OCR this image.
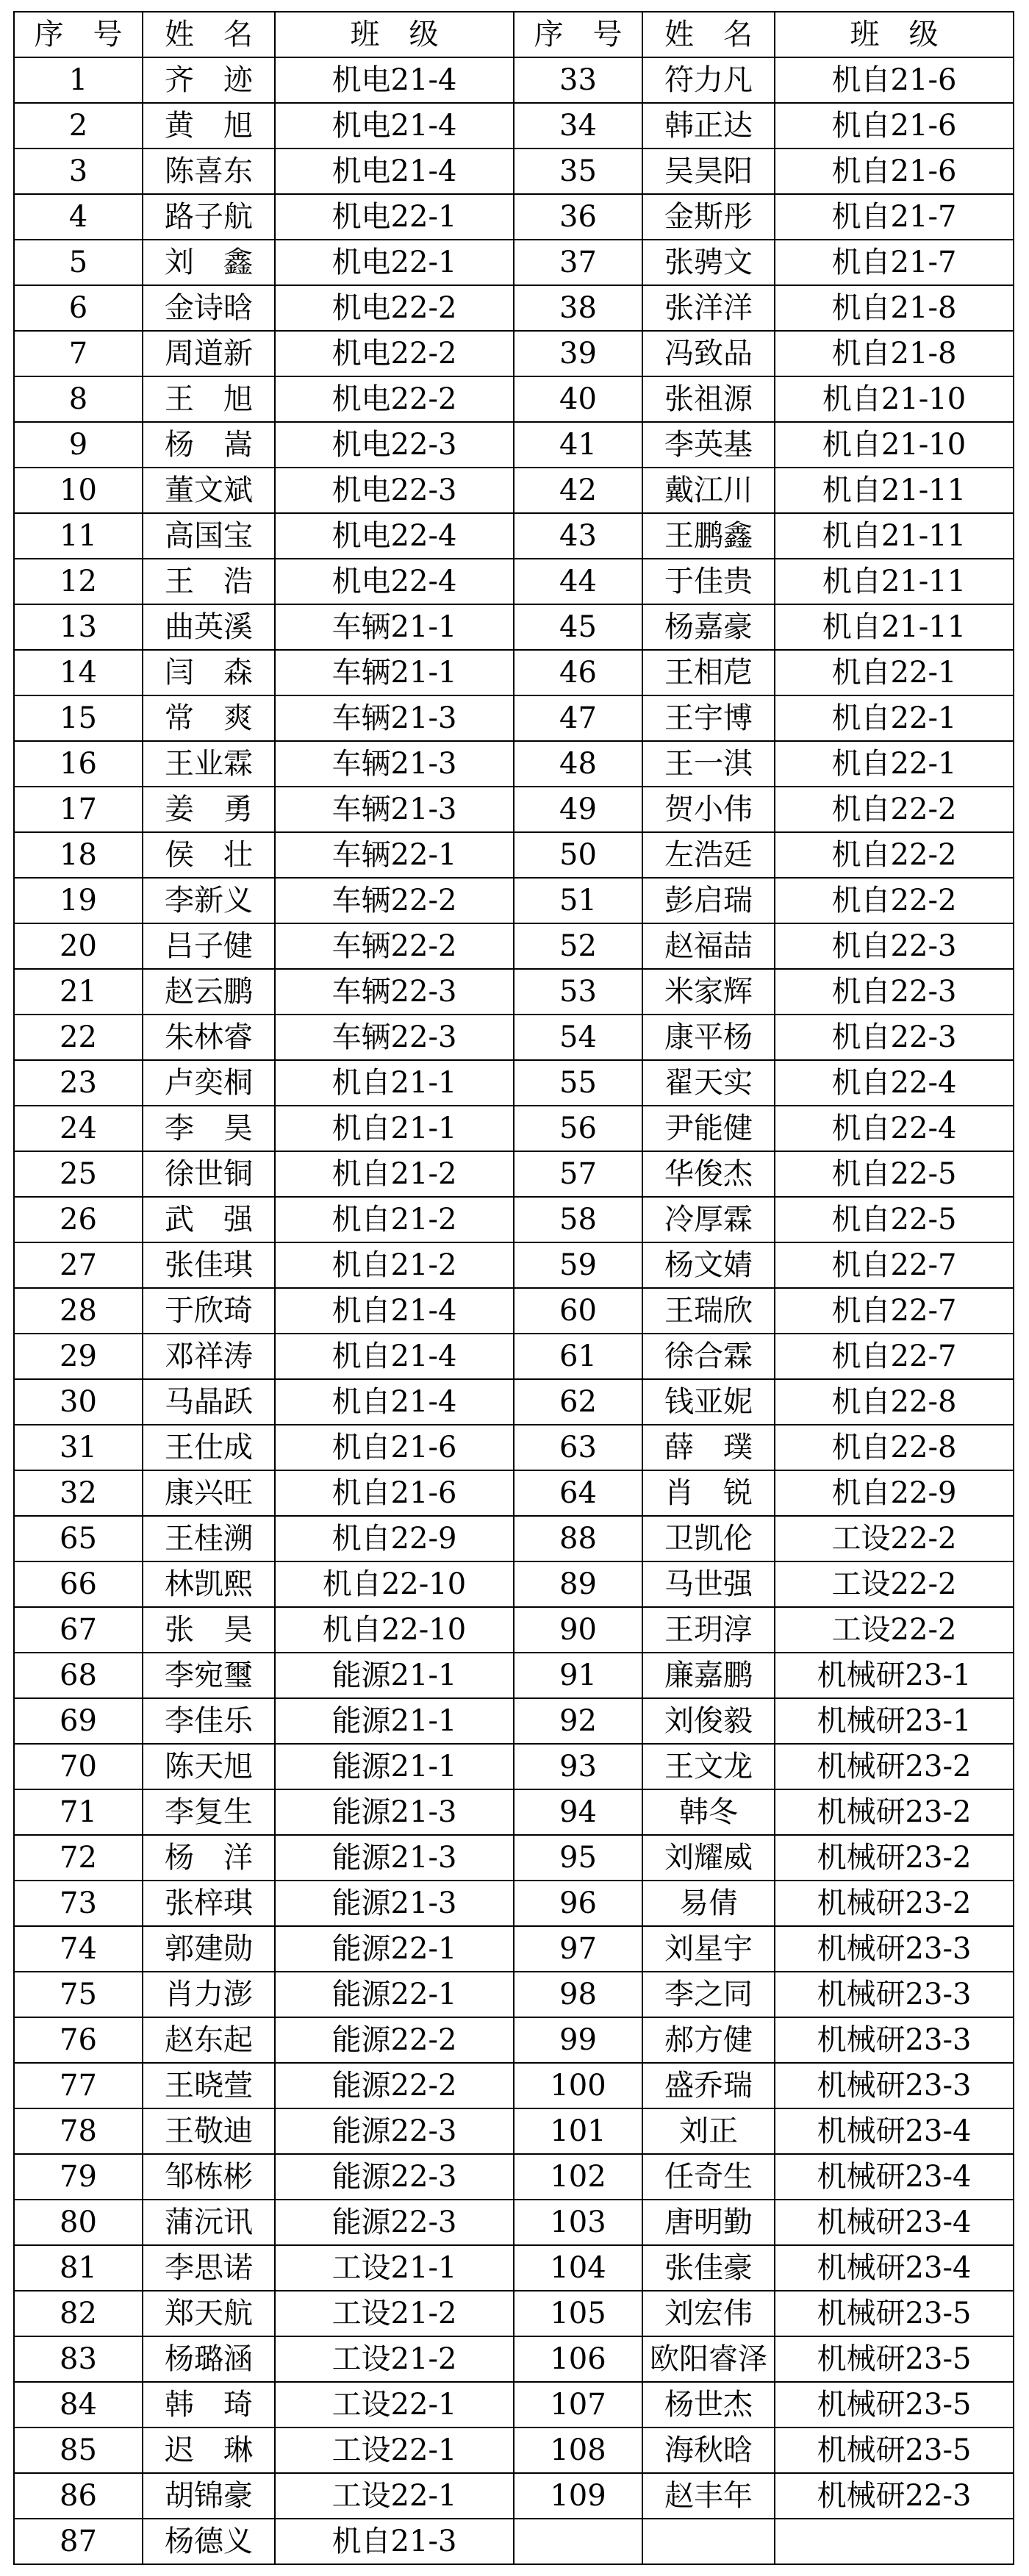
序　号	姓　名	班　级	序　号	姓　名	班　级
1	齐　迹	机电21-4	33	符力凡	机自21-6
2	黄　旭	机电21-4	34	韩正达	机自21-6
3	陈喜东	机电21-4	35	吴昊阳	机自21-6
4	路子航	机电22-1	36	金斯彤	机自21-7
5	刘　鑫	机电22-1	37	张骋文	机自21-7
6	金诗晗	机电22-2	38	张洋洋	机自21-8
7	周道新	机电22-2	39	冯致品	机自21-8
8	王　旭	机电22-2	40	张祖源	机自21-10
9	杨　嵩	机电22-3	41	李英基	机自21-10
10	董文斌	机电22-3	42	戴江川	机自21-11
11	高国宝	机电22-4	43	王鹏鑫	机自21-11
12	王　浩	机电22-4	44	于佳贵	机自21-11
13	曲英溪	车辆21-1	45	杨嘉豪	机自21-11
14	闫　森	车辆21-1	46	王相苨	机自22-1
15	常　爽	车辆21-3	47	王宇博	机自22-1
16	王业霖	车辆21-3	48	王一淇	机自22-1
17	姜　勇	车辆21-3	49	贺小伟	机自22-2
18	侯　壮	车辆22-1	50	左浩廷	机自22-2
19	李新义	车辆22-2	51	彭启瑞	机自22-2
20	吕子健	车辆22-2	52	赵福喆	机自22-3
21	赵云鹏	车辆22-3	53	米家辉	机自22-3
22	朱林睿	车辆22-3	54	康平杨	机自22-3
23	卢奕桐	机自21-1	55	翟天实	机自22-4
24	李　昊	机自21-1	56	尹能健	机自22-4
25	徐世铜	机自21-2	57	华俊杰	机自22-5
26	武　强	机自21-2	58	冷厚霖	机自22-5
27	张佳琪	机自21-2	59	杨文婧	机自22-7
28	于欣琦	机自21-4	60	王瑞欣	机自22-7
29	邓祥涛	机自21-4	61	徐合霖	机自22-7
30	马晶跃	机自21-4	62	钱亚妮	机自22-8
31	王仕成	机自21-6	63	薛　璞	机自22-8
32	康兴旺	机自21-6	64	肖　锐	机自22-9
65	王桂溯	机自22-9	88	卫凯伦	工设22-2
66	林凯熙	机自22-10	89	马世强	工设22-2
67	张　昊	机自22-10	90	王玥淳	工设22-2
68	李宛璽	能源21-1	91	廉嘉鹏	机械研23-1
69	李佳乐	能源21-1	92	刘俊毅	机械研23-1
70	陈天旭	能源21-1	93	王文龙	机械研23-2
71	李复生	能源21-3	94	韩冬	机械研23-2
72	杨　洋	能源21-3	95	刘耀威	机械研23-2
73	张梓琪	能源21-3	96	易倩	机械研23-2
74	郭建勋	能源22-1	97	刘星宇	机械研23-3
75	肖力澎	能源22-1	98	李之同	机械研23-3
76	赵东起	能源22-2	99	郝方健	机械研23-3
77	王晓萱	能源22-2	100	盛乔瑞	机械研23-3
78	王敬迪	能源22-3	101	刘正	机械研23-4
79	邹栋彬	能源22-3	102	任奇生	机械研23-4
80	蒲沅讯	能源22-3	103	唐明勤	机械研23-4
81	李思诺	工设21-1	104	张佳豪	机械研23-4
82	郑天航	工设21-2	105	刘宏伟	机械研23-5
83	杨璐涵	工设21-2	106	欧阳睿泽	机械研23-5
84	韩　琦	工设22-1	107	杨世杰	机械研23-5
85	迟　琳	工设22-1	108	海秋晗	机械研23-5
86	胡锦豪	工设22-1	109	赵丰年	机械研22-3
87	杨德义	机自21-3			
